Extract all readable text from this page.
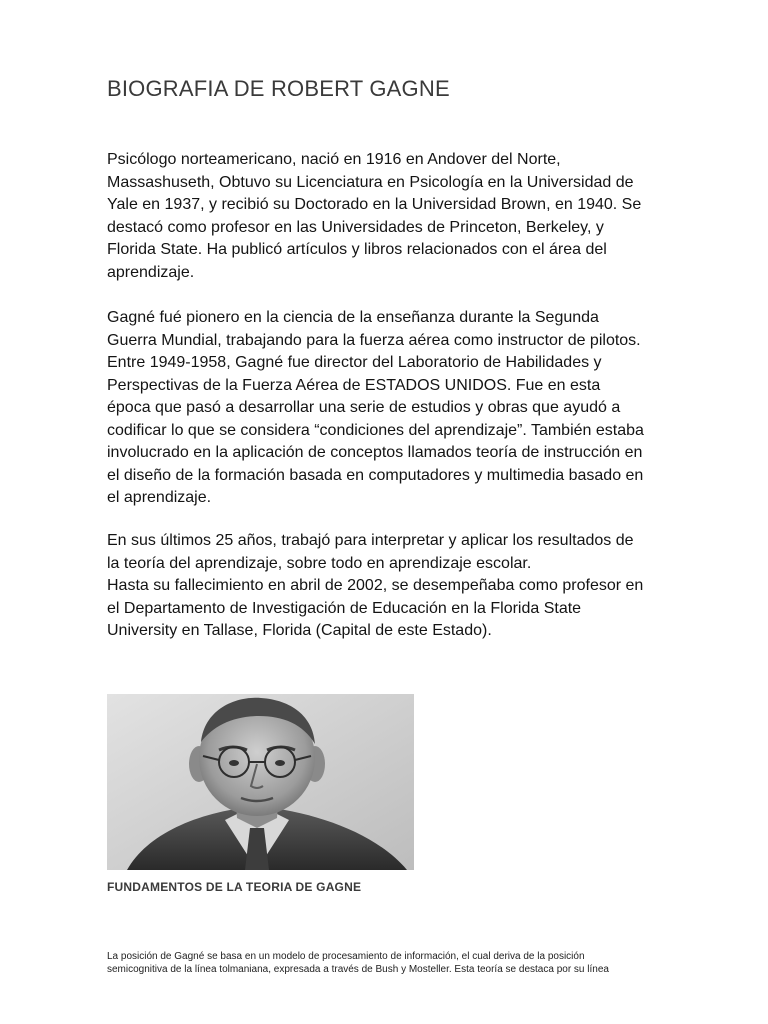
BIOGRAFIA DE ROBERT GAGNE

Psicólogo norteamericano, nació en 1916 en Andover del Norte,
Massashuseth, Obtuvo su Licenciatura en Psicología en la Universidad de
Yale en 1937, y recibió su Doctorado en la Universidad Brown, en 1940. Se
destacó como profesor en las Universidades de Princeton, Berkeley, y
Florida State. Ha publicó artículos y libros relacionados con el área del
aprendizaje.

Gagné fué pionero en la ciencia de la enseñanza durante la Segunda
Guerra Mundial, trabajando para la fuerza aérea como instructor de pilotos.
Entre 1949-1958, Gagné fue director del Laboratorio de Habilidades y
Perspectivas de la Fuerza Aérea de ESTADOS UNIDOS. Fue en esta
época que pasó a desarrollar una serie de estudios y obras que ayudó a
codificar lo que se considera “condiciones del aprendizaje”. También estaba
involucrado en la aplicación de conceptos llamados teoría de instrucción en
el diseño de la formación basada en computadores y multimedia basado en
el aprendizaje.

En sus últimos 25 años, trabajó para interpretar y aplicar los resultados de
la teoría del aprendizaje, sobre todo en aprendizaje escolar.
Hasta su fallecimiento en abril de 2002, se desempeñaba como profesor en
el Departamento de Investigación de Educación en la Florida State
University en Tallase, Florida (Capital de este Estado).

FUNDAMENTOS DE LA TEORIA DE GAGNE

La posición de Gagné se basa en un modelo de procesamiento de información, el cual deriva de la posición
semicognitiva de la línea tolmaniana, expresada a través de Bush y Mosteller. Esta teoría se destaca por su línea
